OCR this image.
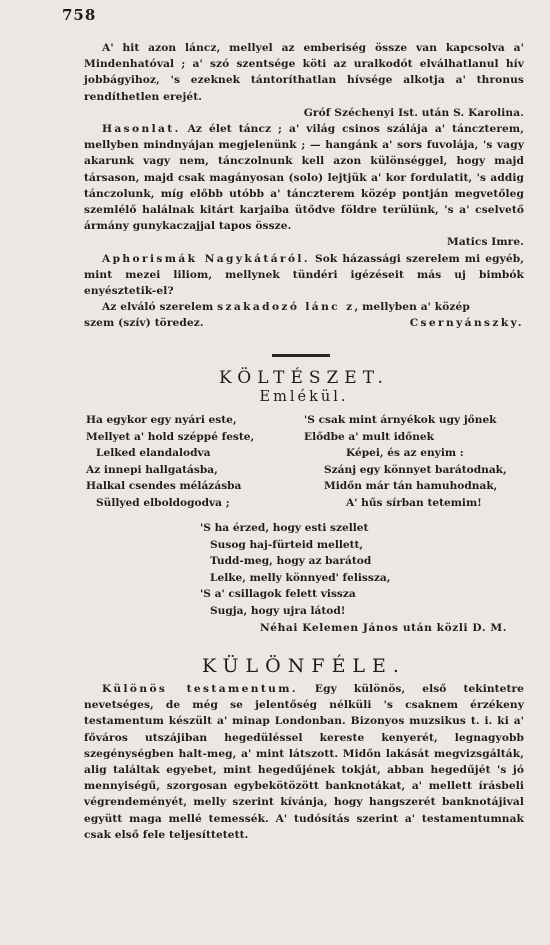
758

A' hit azon láncz, mellyel az emberiség össze van kapcsolva a' Mindenhatóval ; a' szó szentsége köti az uralkodót elválhatlanul hív jobbágyihoz, 's ezeknek tántoríthatlan hívsége alkotja a' thronus rendíthetlen erejét.

Gróf Széchenyi Ist. után S. Karolina.

Hasonlat. Az élet táncz ; a' világ csinos szálája a' tánczterem, mellyben mindnyájan megjelenünk ; — hangánk a' sors fuvolája, 's vagy akarunk vagy nem, tánczolnunk kell azon különséggel, hogy majd társason, majd csak magányosan (solo) lejtjük a' kor fordulatit, 's addig tánczolunk, míg előbb utóbb a' tánczterem közép pontján megvetőleg szemlélő halálnak kitárt karjaiba ütődve földre terülünk, 's a' cselvető ármány gunykaczajjal tapos össze.

Matics Imre.

Aphorismák Nagykátáról. Sok házassági szerelem mi egyéb, mint mezei liliom, mellynek tündéri igézéseit más uj bimbók enyésztetik-el?

Az elváló szerelem szakadozó lánc z, mellyben a' közép

szem (szív) töredez.	Csernyánszky.
KÖLTÉSZET.
Emlékül.
Ha egykor egy nyári este,
Mellyet a' hold széppé feste,
Lelked elandalodva
Az innepi hallgatásba,
Halkal csendes mélázásba
Süllyed elboldogodva ;
'S csak mint árnyékok ugy jőnek
Elődbe a' mult időnek
Képei, és az enyim :
Szánj egy könnyet barátodnak,
Midőn már tán hamuhodnak,
A' hűs sírban tetemim!
'S ha érzed, hogy esti szellet
Susog haj-fürteid mellett,
Tudd-meg, hogy az barátod
Lelke, melly könnyed' felissza,
'S a' csillagok felett vissza
Sugja, hogy ujra látod!
Néhai Kelemen János után közli D. M.
KÜLÖNFÉLE.

Különös testamentum. Egy különös, első tekintetre nevetséges, de még se jelentőség nélküli 's csaknem érzékeny testamentum készült a' minap Londonban. Bizonyos muzsikus t. i. ki a' főváros utszájiban hegedüléssel kereste kenyerét, legnagyobb szegénységben halt-meg, a' mint látszott. Midőn lakását megvizsgálták, alig találtak egyebet, mint hegedűjének tokját, abban hegedűjét 's jó mennyiségű, szorgosan egybekötözött banknotákat, a' mellett írásbeli végrendeményét, melly szerint kívánja, hogy hangszerét banknotájival együtt maga mellé temessék. A' tudósítás szerint a' testamentumnak csak első fele teljesíttetett.
